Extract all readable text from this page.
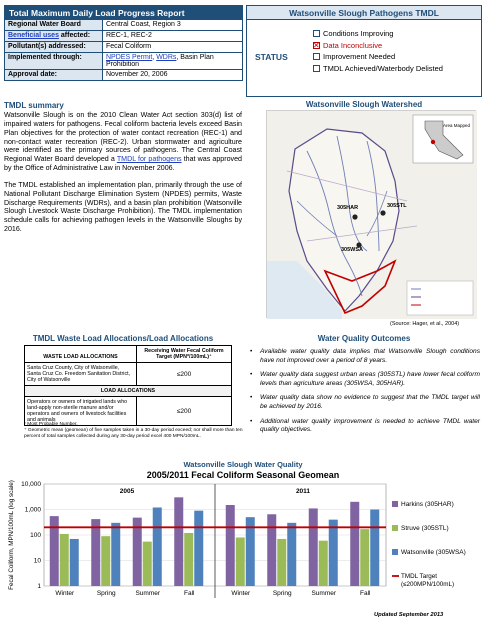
Total Maximum Daily Load Progress Report
Regional Water Board	Central Coast, Region 3
Beneficial uses affected:	REC-1, REC-2
Pollutant(s) addressed:	Fecal Coliform
Implemented through:	NPDES Permit, WDRs, Basin Plan Prohibition
Approval date:	November 20, 2006
Watsonville Slough Pathogens TMDL
STATUS
Conditions Improving
✕
Data Inconclusive
Improvement Needed
TMDL Achieved/Waterbody Delisted
TMDL summary

Watsonville Slough is on the 2010 Clean Water Act section 303(d) list of impaired waters for pathogens. Fecal coliform bacteria levels exceed Basin Plan objectives for the protection of water contact recreation (REC-1) and non-contact water recreation (REC-2). Urban stormwater and agriculture were identified as the primary sources of pathogens. The Central Coast Regional Water Board developed a TMDL for pathogens that was approved by the Office of Administrative Law in November 2006.

The TMDL established an implementation plan, primarily through the use of National Pollutant Discharge Elimination System (NPDES) permits, Waste Discharge Requirements (WDRs), and a basin plan prohibition (Watsonville Slough Livestock Waste Discharge Prohibition). The TMDL implementation schedule calls for achieving pathogen levels in the Watsonville Sloughs by 2016.

Watsonville Slough Watershed
Area Mapped
305HAR	305STL
305WSA
(Source: Hager, et al., 2004)
TMDL Waste Load Allocations/Load Allocations
WASTE LOAD ALLOCATIONS
Receiving Water Fecal Coliform Target (MPN*/100mL)⁺
Santa Cruz County, City of Watsonville, Santa Cruz Co. Freedom Sanitation District, City of Watsonville
≤200
LOAD ALLOCATIONS
Operators or owners of irrigated lands who land-apply non-sterile manure and/or operators and owners of livestock facilities and animals
≤200
* Most Probable Number.
⁺ Geometric mean (geomean) of five samples taken in a 30-day period exceed; nor shall more than ten percent of total samples collected during any 30-day period excel 400 MPN/100mL.
Water Quality Outcomes
•	Available water quality data implies that Watsonville Slough conditions have not improved over a period of 8 years.
•	Water quality data suggest urban areas (305STL) have lower fecal coliform levels than agriculture areas (305WSA, 305HAR).
•	Water quality data show no evidence to suggest that the TMDL target will be achieved by 2016.
•	Additional water quality improvement is needed to achieve TMDL water quality objectives.
Watsonville Slough Water Quality
2005/2011 Fecal Coliform Seasonal Geomean
1
10
100
1,000
10,000
Winter	Spring	Summer	Fall	Winter	Spring	Summer	Fall
2005	2011
Fecal Coliform, MPN/100mL (log scale)	Harkins (305HAR)
Struve (305STL)
Watsonville (305WSA)
TMDL Target
(≤200MPN/100mL)
Updated September 2013
